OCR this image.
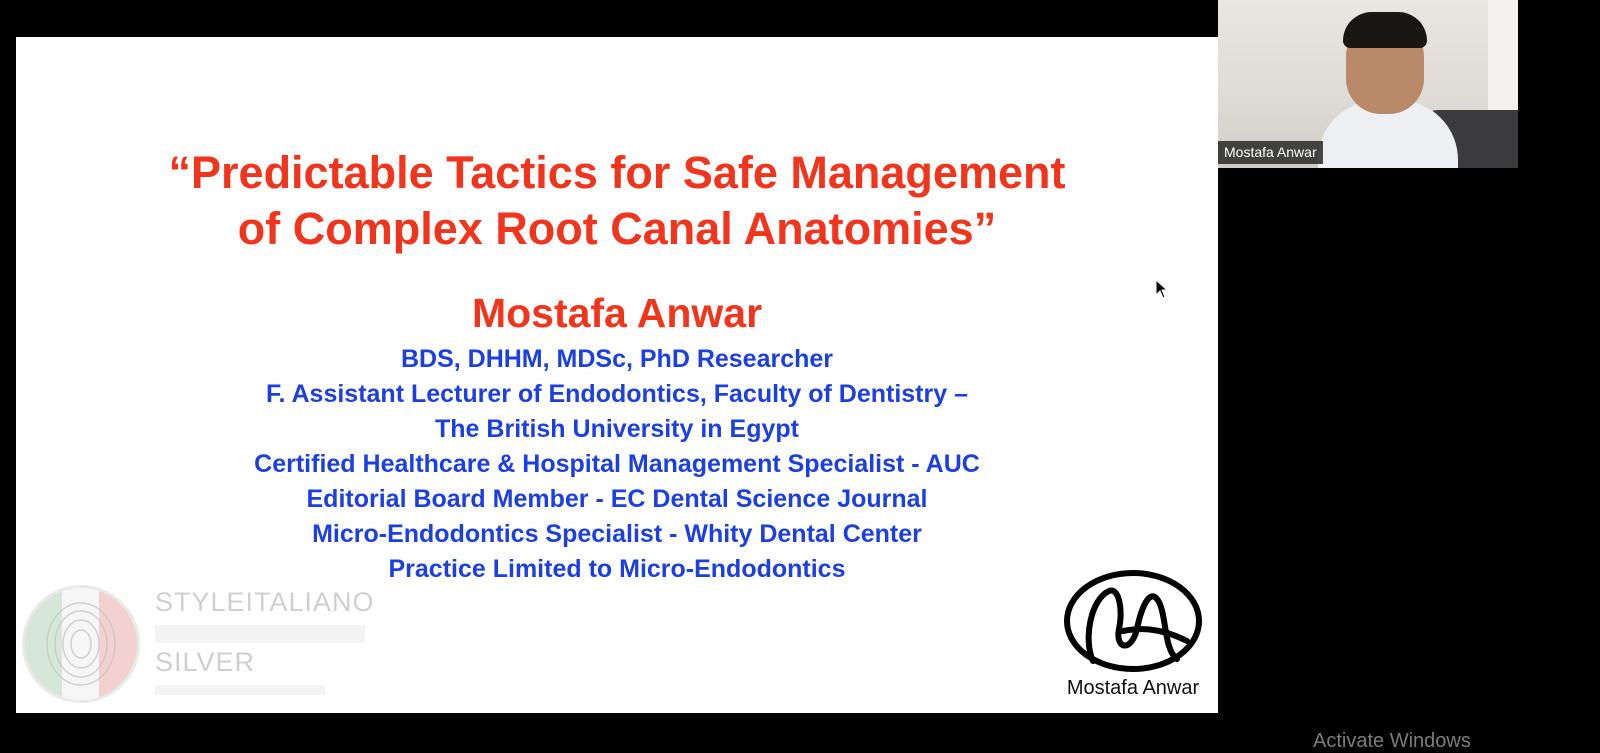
“Predictable Tactics for Safe Management
of Complex Root Canal Anatomies”
Mostafa Anwar
BDS, DHHM, MDSc, PhD Researcher
F. Assistant Lecturer of Endodontics, Faculty of Dentistry –
The British University in Egypt
Certified Healthcare & Hospital Management Specialist - AUC
Editorial Board Member - EC Dental Science Journal
Micro-Endodontics Specialist - Whity Dental Center
Practice Limited to Micro-Endodontics
STYLEITALIANO
SILVER
Mostafa Anwar
Mostafa Anwar
Activate Windows
